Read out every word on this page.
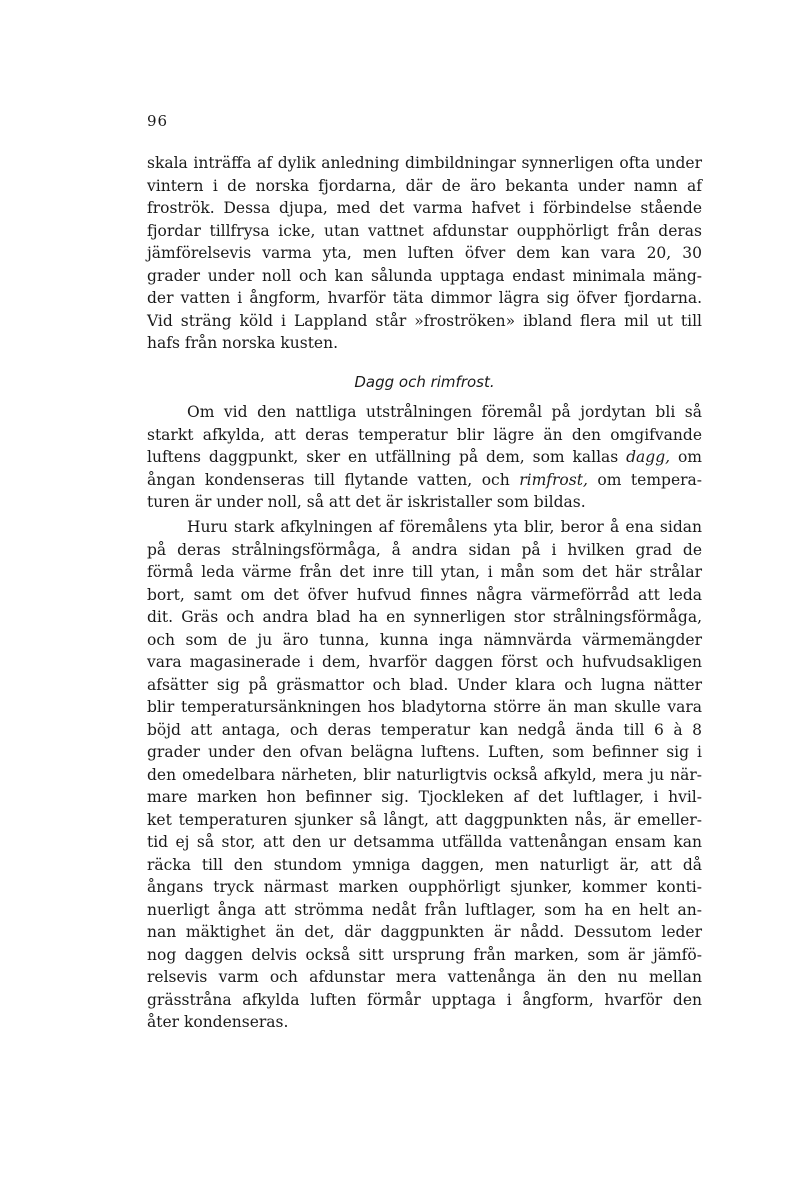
96
skala inträffa af dylik anledning dimbildningar synnerligen ofta under
vintern i de norska fjordarna, där de äro bekanta under namn af
froströk. Dessa djupa, med det varma hafvet i förbindelse stående
fjordar tillfrysa icke, utan vattnet afdunstar oupphörligt från deras
jämförelsevis varma yta, men luften öfver dem kan vara 20, 30
grader under noll och kan sålunda upptaga endast minimala mäng-
der vatten i ångform, hvarför täta dimmor lägra sig öfver fjordarna.
Vid sträng köld i Lappland står »froströken» ibland flera mil ut till
hafs från norska kusten.
Dagg och rimfrost.
Om vid den nattliga utstrålningen föremål på jordytan bli så
starkt afkylda, att deras temperatur blir lägre än den omgifvande
luftens daggpunkt, sker en utfällning på dem, som kallas dagg, om
ångan kondenseras till flytande vatten, och rimfrost, om tempera-
turen är under noll, så att det är iskristaller som bildas.
Huru stark afkylningen af föremålens yta blir, beror å ena sidan
på deras strålningsförmåga, å andra sidan på i hvilken grad de
förmå leda värme från det inre till ytan, i mån som det här strålar
bort, samt om det öfver hufvud finnes några värmeförråd att leda
dit. Gräs och andra blad ha en synnerligen stor strålningsförmåga,
och som de ju äro tunna, kunna inga nämnvärda värmemängder
vara magasinerade i dem, hvarför daggen först och hufvudsakligen
afsätter sig på gräsmattor och blad. Under klara och lugna nätter
blir temperatursänkningen hos bladytorna större än man skulle vara
böjd att antaga, och deras temperatur kan nedgå ända till 6 à 8
grader under den ofvan belägna luftens. Luften, som befinner sig i
den omedelbara närheten, blir naturligtvis också afkyld, mera ju när-
mare marken hon befinner sig. Tjockleken af det luftlager, i hvil-
ket temperaturen sjunker så långt, att daggpunkten nås, är emeller-
tid ej så stor, att den ur detsamma utfällda vattenångan ensam kan
räcka till den stundom ymniga daggen, men naturligt är, att då
ångans tryck närmast marken oupphörligt sjunker, kommer konti-
nuerligt ånga att strömma nedåt från luftlager, som ha en helt an-
nan mäktighet än det, där daggpunkten är nådd. Dessutom leder
nog daggen delvis också sitt ursprung från marken, som är jämfö-
relsevis varm och afdunstar mera vattenånga än den nu mellan
grässtråna afkylda luften förmår upptaga i ångform, hvarför den
åter kondenseras.
